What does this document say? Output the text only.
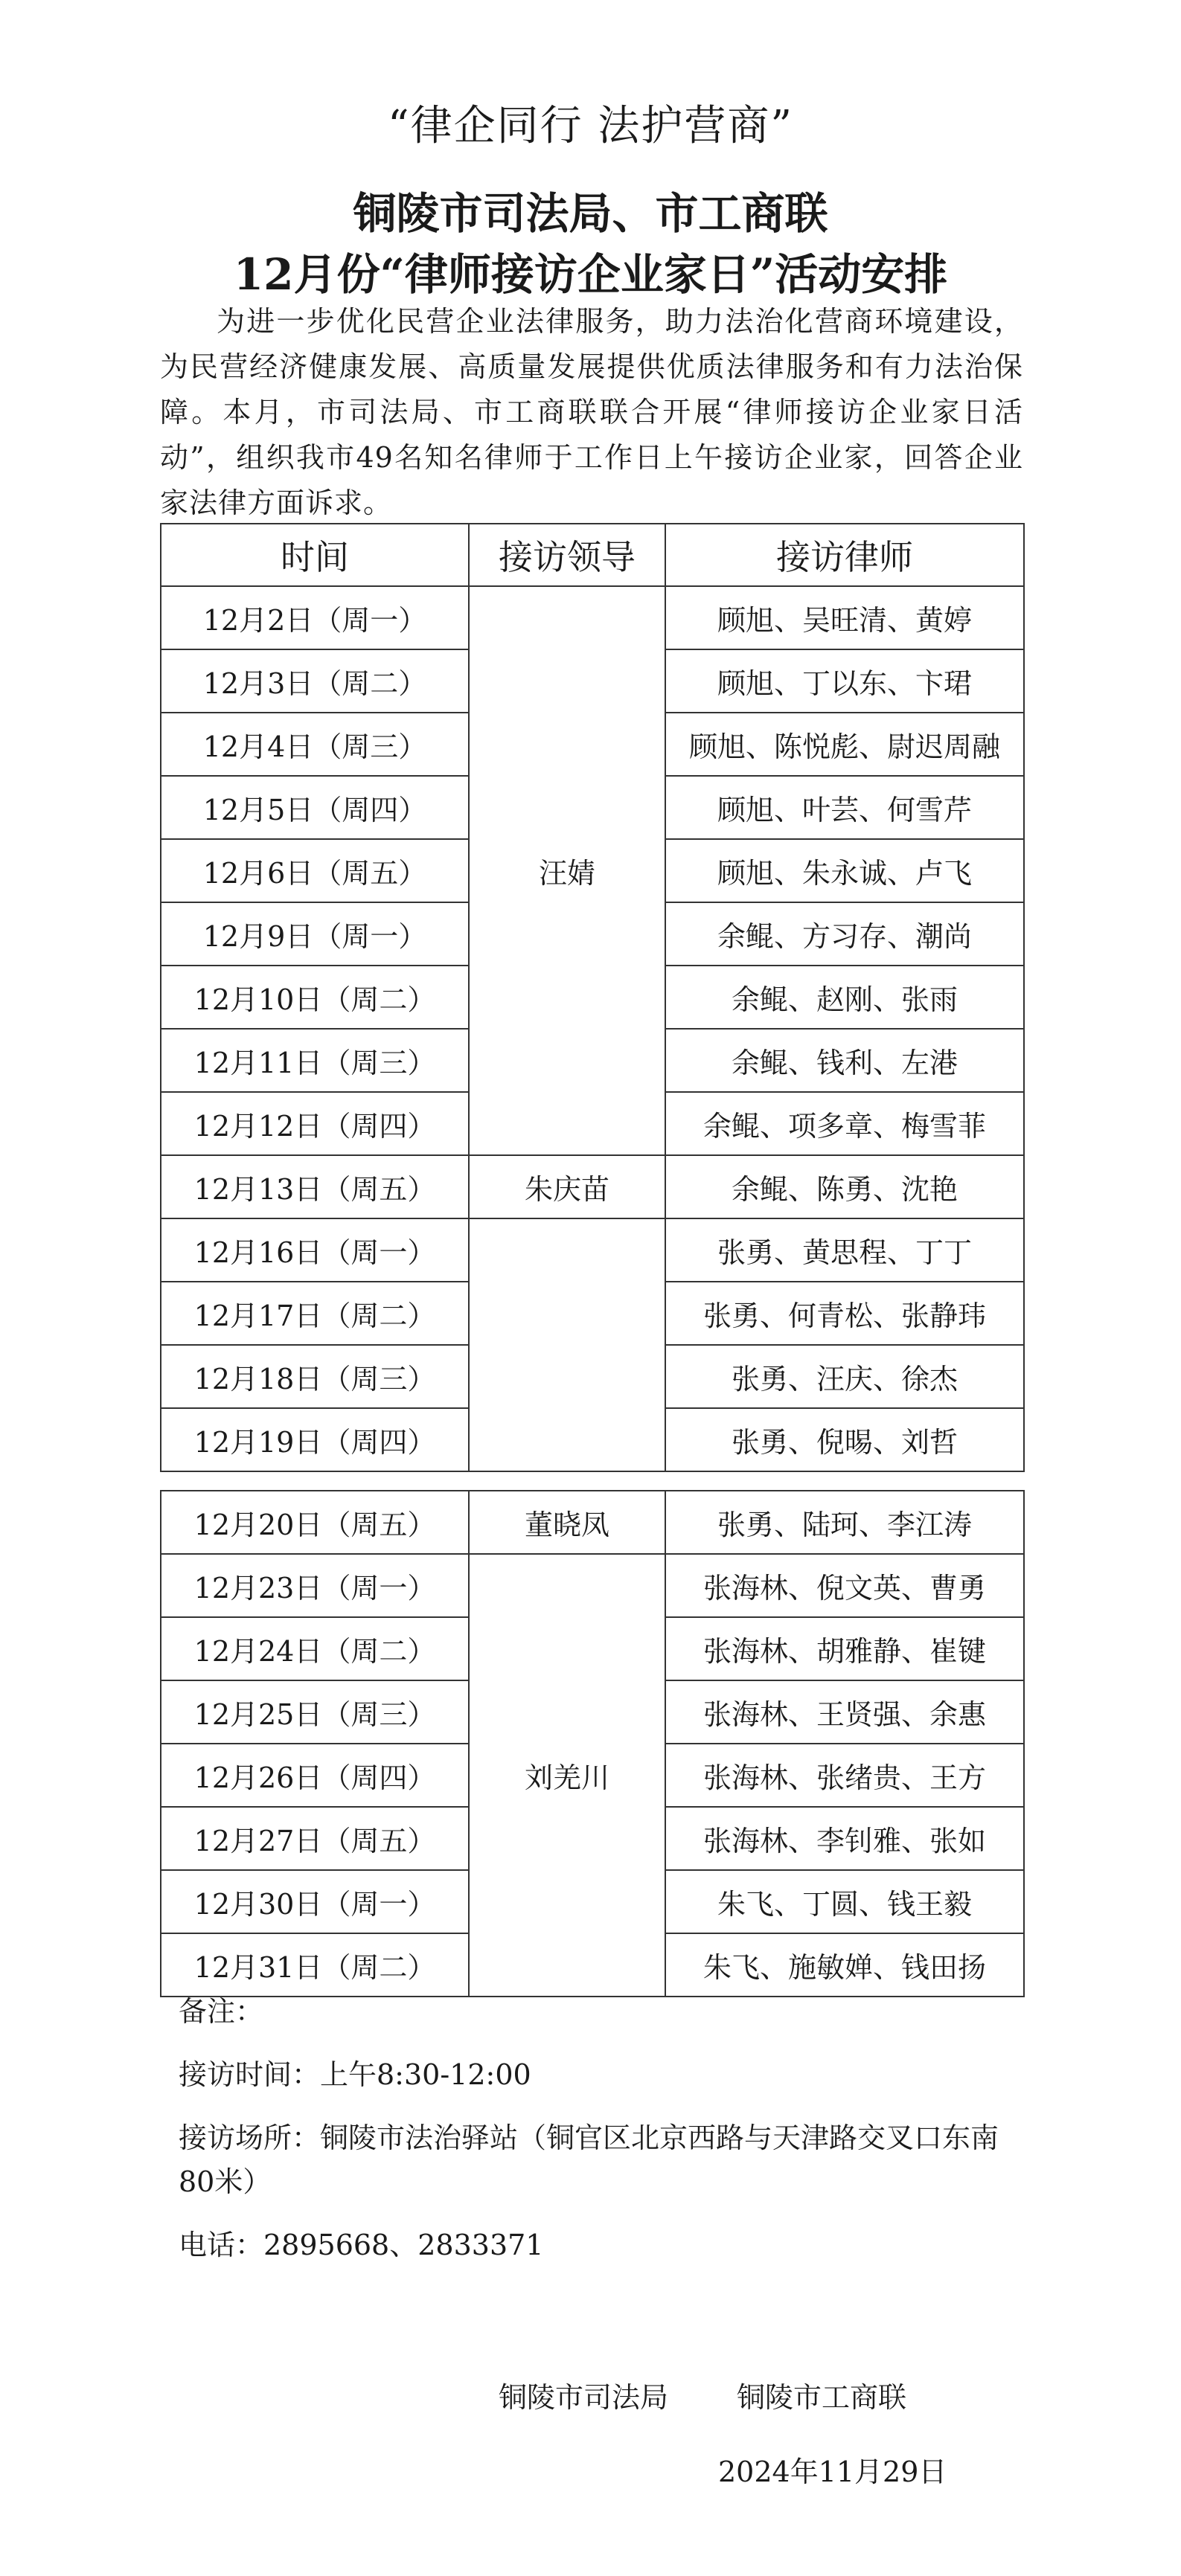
“律企同行 法护营商”
铜陵市司法局、市工商联
12月份“律师接访企业家日”活动安排

为进一步优化民营企业法律服务，助力法治化营商环境建设，为民营经济健康发展、高质量发展提供优质法律服务和有力法治保障。本月，市司法局、市工商联联合开展“律师接访企业家日活动”，组织我市49名知名律师于工作日上午接访企业家，回答企业家法律方面诉求。

时间	接访领导	接访律师
12月2日（周一）	汪婧	顾旭、吴旺清、黄婷
12月3日（周二）		顾旭、丁以东、卞珺
12月4日（周三）		顾旭、陈悦彪、尉迟周融
12月5日（周四）		顾旭、叶芸、何雪芹
12月6日（周五）		顾旭、朱永诚、卢飞
12月9日（周一）		余鲲、方习存、潮尚
12月10日（周二）		余鲲、赵刚、张雨
12月11日（周三）		余鲲、钱利、左港
12月12日（周四）		余鲲、项多章、梅雪菲
12月13日（周五）	朱庆苗	余鲲、陈勇、沈艳
12月16日（周一）		张勇、黄思程、丁丁
12月17日（周二）		张勇、何青松、张静玮
12月18日（周三）		张勇、汪庆、徐杰
12月19日（周四）		张勇、倪晹、刘哲
12月20日（周五）	董晓凤	张勇、陆珂、李江涛
12月23日（周一）	刘羌川	张海林、倪文英、曹勇
12月24日（周二）		张海林、胡雅静、崔键
12月25日（周三）		张海林、王贤强、余惠
12月26日（周四）		张海林、张绪贵、王方
12月27日（周五）		张海林、李钊雅、张如
12月30日（周一）		朱飞、丁圆、钱王毅
12月31日（周二）		朱飞、施敏婵、钱田扬
备注：
接访时间：上午8:30-12:00
接访场所：铜陵市法治驿站（铜官区北京西路与天津路交叉口东南80米）
电话：2895668、2833371
铜陵市司法局 铜陵市工商联
2024年11月29日
